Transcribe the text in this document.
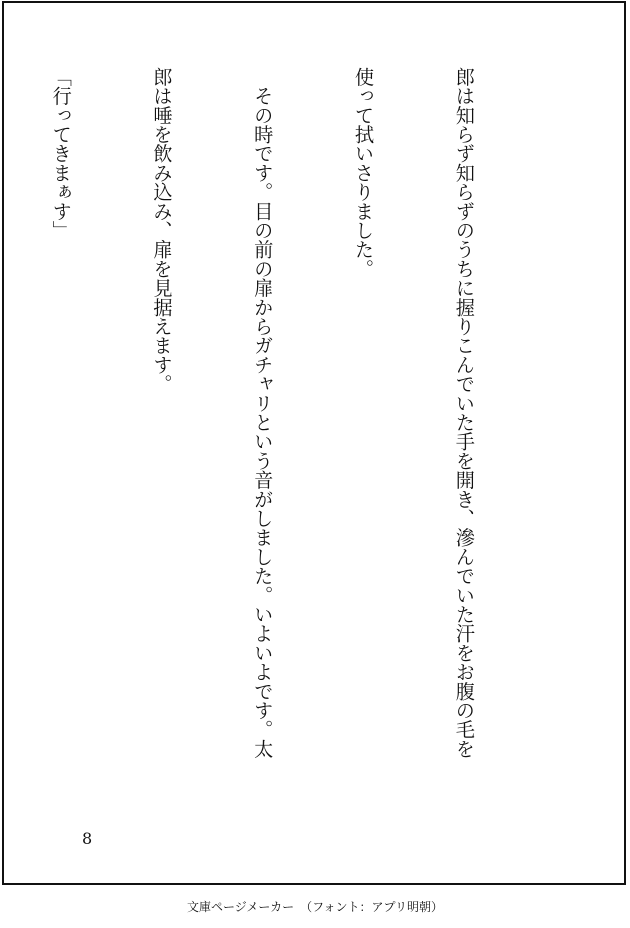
郎は知らず知らずのうちに握りこんでいた手を開き、滲んでいた汗をお腹の毛を

使って拭いさりました。

　その時です。目の前の扉からガチャリという音がしました。いよいよです。太

郎は唾を飲み込み、扉を見据えます。

「行ってきまぁす」

8
文庫ページメーカー　（フォント：アプリ明朝）
